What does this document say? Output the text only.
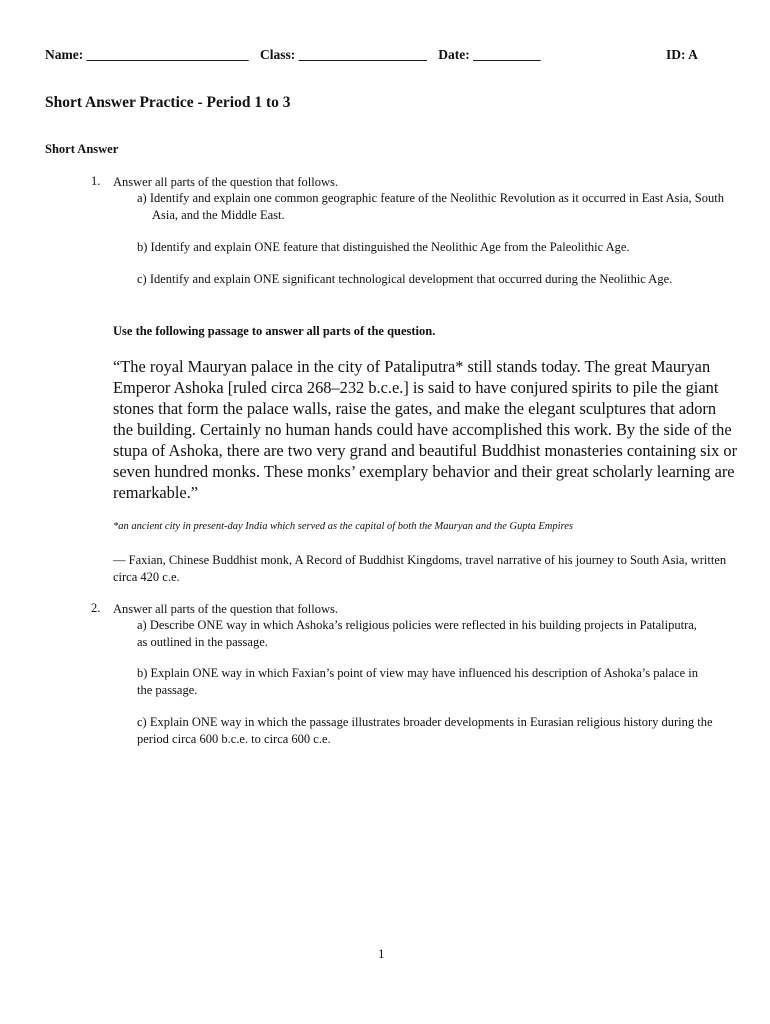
Name: ________________________ Class: ___________________ Date: __________	ID: A
Short Answer Practice - Period 1 to 3
Short Answer
1. Answer all parts of the question that follows.
a) Identify and explain one common geographic feature of the Neolithic Revolution as it occurred in East Asia, South Asia, and the Middle East.
b) Identify and explain ONE feature that distinguished the Neolithic Age from the Paleolithic Age.
c) Identify and explain ONE significant technological development that occurred during the Neolithic Age.
Use the following passage to answer all parts of the question.
“The royal Mauryan palace in the city of Pataliputra* still stands today. The great Mauryan Emperor Ashoka [ruled circa 268–232 b.c.e.] is said to have conjured spirits to pile the giant stones that form the palace walls, raise the gates, and make the elegant sculptures that adorn the building. Certainly no human hands could have accomplished this work. By the side of the stupa of Ashoka, there are two very grand and beautiful Buddhist monasteries containing six or seven hundred monks. These monks’ exemplary behavior and their great scholarly learning are remarkable.”
*an ancient city in present-day India which served as the capital of both the Mauryan and the Gupta Empires
— Faxian, Chinese Buddhist monk, A Record of Buddhist Kingdoms, travel narrative of his journey to South Asia, written circa 420 c.e.
2. Answer all parts of the question that follows.
a) Describe ONE way in which Ashoka’s religious policies were reflected in his building projects in Pataliputra, as outlined in the passage.
b) Explain ONE way in which Faxian’s point of view may have influenced his description of Ashoka’s palace in the passage.
c) Explain ONE way in which the passage illustrates broader developments in Eurasian religious history during the period circa 600 b.c.e. to circa 600 c.e.
1
